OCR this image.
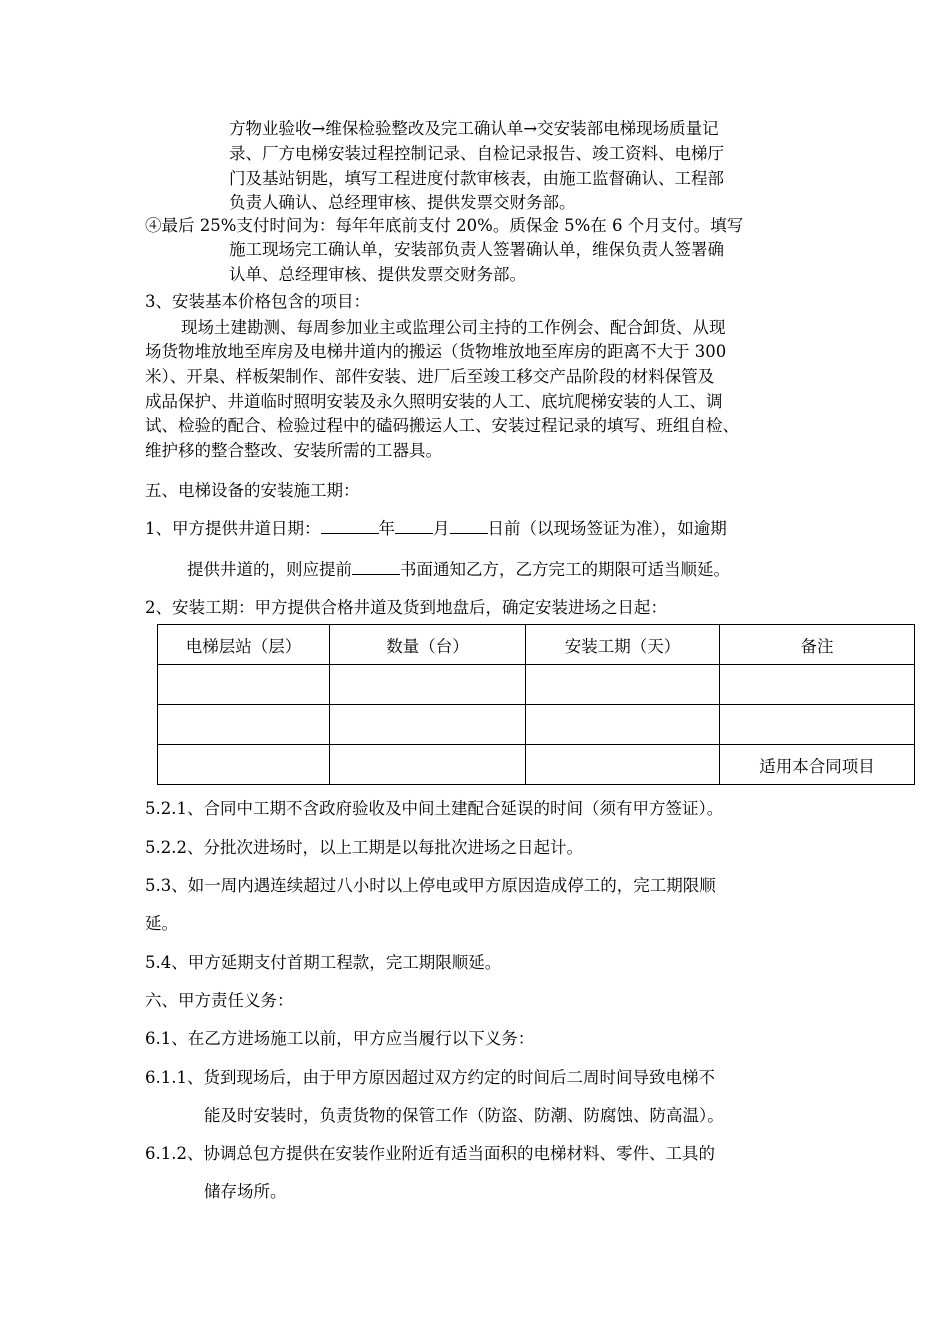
方物业验收→维保检验整改及完工确认单→交安装部电梯现场质量记
录、厂方电梯安装过程控制记录、自检记录报告、竣工资料、电梯厅
门及基站钥匙，填写工程进度付款审核表，由施工监督确认、工程部
负责人确认、总经理审核、提供发票交财务部。
④最后 25%支付时间为：每年年底前支付 20%。质保金 5%在 6 个月支付。填写
施工现场完工确认单，安装部负责人签署确认单，维保负责人签署确
认单、总经理审核、提供发票交财务部。
3、安装基本价格包含的项目：
现场土建勘测、每周参加业主或监理公司主持的工作例会、配合卸货、从现
场货物堆放地至库房及电梯井道内的搬运（货物堆放地至库房的距离不大于 300
米）、开臬、样板架制作、部件安装、进厂后至竣工移交产品阶段的材料保管及
成品保护、井道临时照明安装及永久照明安装的人工、底坑爬梯安装的人工、调
试、检验的配合、检验过程中的磕码搬运人工、安装过程记录的填写、班组自检、
维护移的整合整改、安装所需的工器具。
五、电梯设备的安装施工期：
1、甲方提供井道日期：	年 月 日前（以现场签证为准），如逾期
提供井道的，则应提前	书面通知乙方，乙方完工的期限可适当顺延。
2、安装工期：甲方提供合格井道及货到地盘后，确定安装进场之日起：
电梯层站（层）	数量（台）	安装工期（天）	备注

			适用本合同项目
5.2.1、合同中工期不含政府验收及中间土建配合延误的时间（须有甲方签证）。
5.2.2、分批次进场时，以上工期是以每批次进场之日起计。
5.3、如一周内遇连续超过八小时以上停电或甲方原因造成停工的，完工期限顺
延。
5.4、甲方延期支付首期工程款，完工期限顺延。
六、甲方责任义务：
6.1、在乙方进场施工以前，甲方应当履行以下义务：
6.1.1、货到现场后，由于甲方原因超过双方约定的时间后二周时间导致电梯不
能及时安装时，负责货物的保管工作（防盗、防潮、防腐蚀、防高温）。
6.1.2、协调总包方提供在安装作业附近有适当面积的电梯材料、零件、工具的
储存场所。
